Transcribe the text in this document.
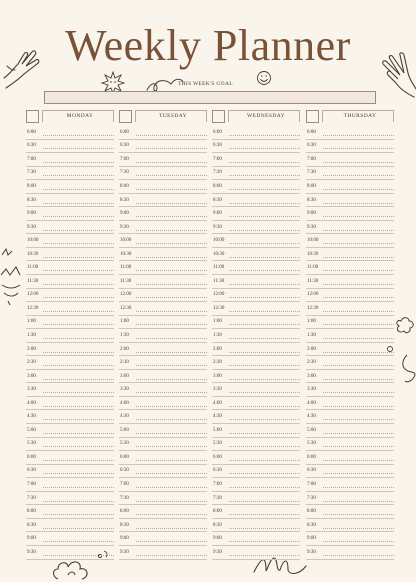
Weekly Planner
THIS WEEK'S GOAL
MONDAY
6:00
6:30
7:00
7:30
8:00
8:30
9:00
9:30
10:00
10:30
11:00
11:30
12:00
12:30
1:00
1:30
2:00
2:30
3:00
3:30
4:00
4:30
5:00
5:30
6:00
6:30
7:00
7:30
8:00
8:30
9:00
9:30
TUESDAY
6:00
6:30
7:00
7:30
8:00
8:30
9:00
9:30
10:00
10:30
11:00
11:30
12:00
12:30
1:00
1:30
2:00
2:30
3:00
3:30
4:00
4:30
5:00
5:30
6:00
6:30
7:00
7:30
8:00
8:30
9:00
9:30
WEDNESDAY
6:00
6:30
7:00
7:30
8:00
8:30
9:00
9:30
10:00
10:30
11:00
11:30
12:00
12:30
1:00
1:30
2:00
2:30
3:00
3:30
4:00
4:30
5:00
5:30
6:00
6:30
7:00
7:30
8:00
8:30
9:00
9:30
THURSDAY
6:00
6:30
7:00
7:30
8:00
8:30
9:00
9:30
10:00
10:30
11:00
11:30
12:00
12:30
1:00
1:30
2:00
2:30
3:00
3:30
4:00
4:30
5:00
5:30
6:00
6:30
7:00
7:30
8:00
8:30
9:00
9:30
